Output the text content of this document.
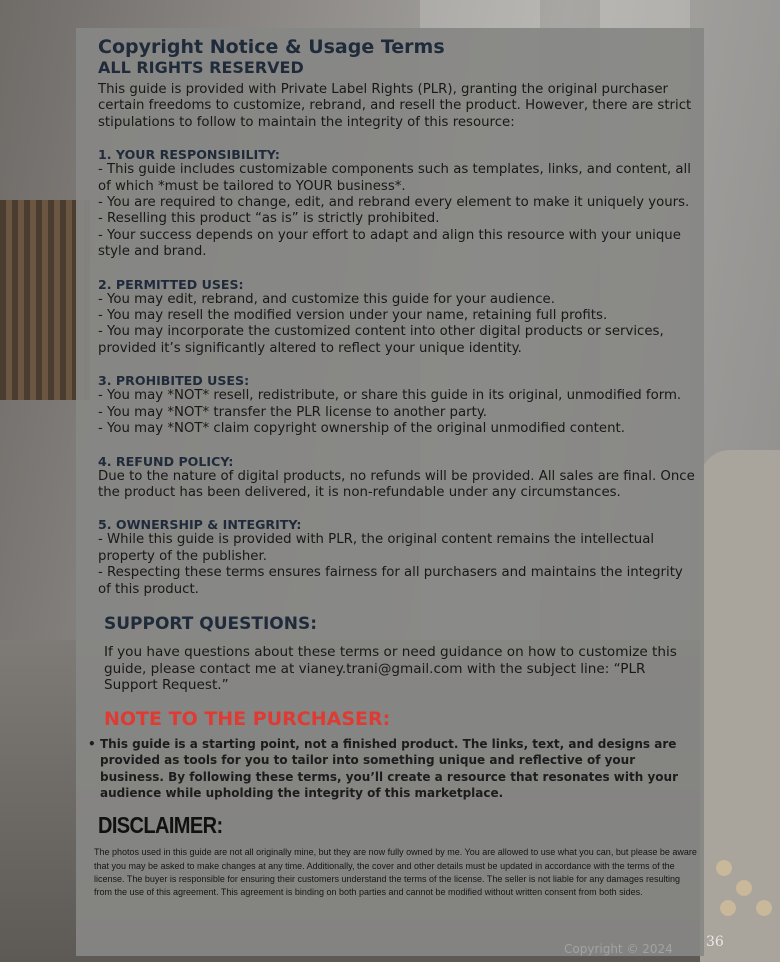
Copyright Notice & Usage Terms
ALL RIGHTS RESERVED

This guide is provided with Private Label Rights (PLR), granting the original purchaser certain freedoms to customize, rebrand, and resell the product. However, there are strict stipulations to follow to maintain the integrity of this resource:

1. YOUR RESPONSIBILITY:

- This guide includes customizable components such as templates, links, and content, all of which *must be tailored to YOUR business*.

- You are required to change, edit, and rebrand every element to make it uniquely yours.

- Reselling this product “as is” is strictly prohibited.

- Your success depends on your effort to adapt and align this resource with your unique style and brand.

2. PERMITTED USES:

- You may edit, rebrand, and customize this guide for your audience.

- You may resell the modified version under your name, retaining full profits.

- You may incorporate the customized content into other digital products or services, provided it’s significantly altered to reflect your unique identity.

3. PROHIBITED USES:

- You may *NOT* resell, redistribute, or share this guide in its original, unmodified form.

- You may *NOT* transfer the PLR license to another party.

- You may *NOT* claim copyright ownership of the original unmodified content.

4. REFUND POLICY:

Due to the nature of digital products, no refunds will be provided. All sales are final. Once the product has been delivered, it is non-refundable under any circumstances.

5. OWNERSHIP & INTEGRITY:

- While this guide is provided with PLR, the original content remains the intellectual property of the publisher.

- Respecting these terms ensures fairness for all purchasers and maintains the integrity of this product.

SUPPORT QUESTIONS:

If you have questions about these terms or need guidance on how to customize this guide, please contact me at vianey.trani@gmail.com with the subject line: “PLR Support Request.”

NOTE TO THE PURCHASER:
• This guide is a starting point, not a finished product. The links, text, and designs are provided as tools for you to tailor into something unique and reflective of your business. By following these terms, you’ll create a resource that resonates with your audience while upholding the integrity of this marketplace.
DISCLAIMER:

The photos used in this guide are not all originally mine, but they are now fully owned by me. You are allowed to use what you can, but please be aware that you may be asked to make changes at any time. Additionally, the cover and other details must be updated in accordance with the terms of the license. The buyer is responsible for ensuring their customers understand the terms of the license. The seller is not liable for any damages resulting from the use of this agreement. This agreement is binding on both parties and cannot be modified without written consent from both sides.

Copyright © 2024 36
